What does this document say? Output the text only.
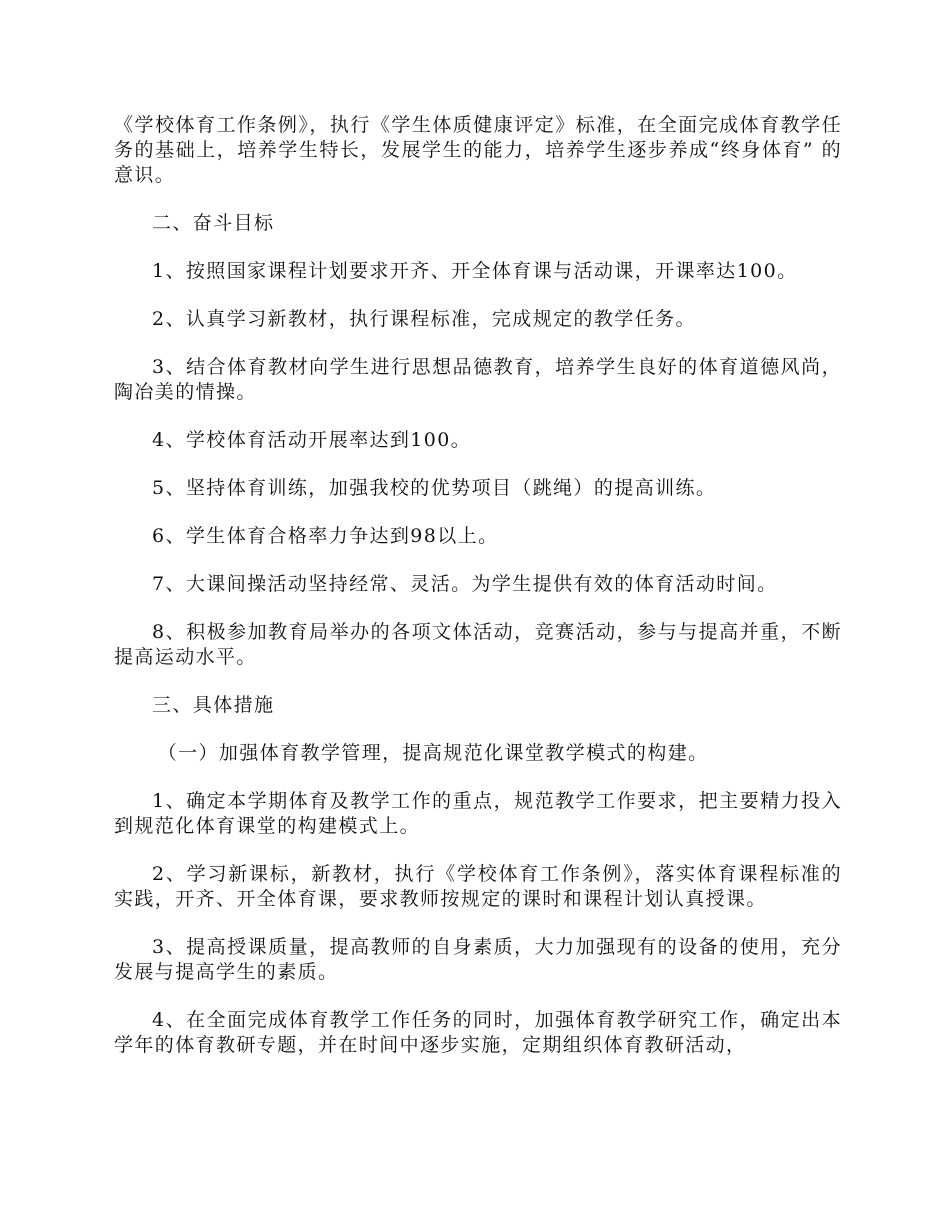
《学校体育工作条例》，执行《学生体质健康评定》标准，在全面完成体育教学任务的基础上，培养学生特长，发展学生的能力，培养学生逐步养成“终身体育” 的意识。

二、奋斗目标

1、按照国家课程计划要求开齐、开全体育课与活动课，开课率达100。

2、认真学习新教材，执行课程标准，完成规定的教学任务。

3、结合体育教材向学生进行思想品德教育，培养学生良好的体育道德风尚，陶冶美的情操。

4、学校体育活动开展率达到100。

5、坚持体育训练，加强我校的优势项目（跳绳）的提高训练。

6、学生体育合格率力争达到98以上。

7、大课间操活动坚持经常、灵活。为学生提供有效的体育活动时间。

8、积极参加教育局举办的各项文体活动，竞赛活动，参与与提高并重，不断提高运动水平。

三、具体措施

（一）加强体育教学管理，提高规范化课堂教学模式的构建。

1、确定本学期体育及教学工作的重点，规范教学工作要求，把主要精力投入到规范化体育课堂的构建模式上。

2、学习新课标，新教材，执行《学校体育工作条例》，落实体育课程标准的实践，开齐、开全体育课，要求教师按规定的课时和课程计划认真授课。

3、提高授课质量，提高教师的自身素质，大力加强现有的设备的使用，充分发展与提高学生的素质。

4、在全面完成体育教学工作任务的同时，加强体育教学研究工作，确定出本学年的体育教研专题，并在时间中逐步实施，定期组织体育教研活动，
